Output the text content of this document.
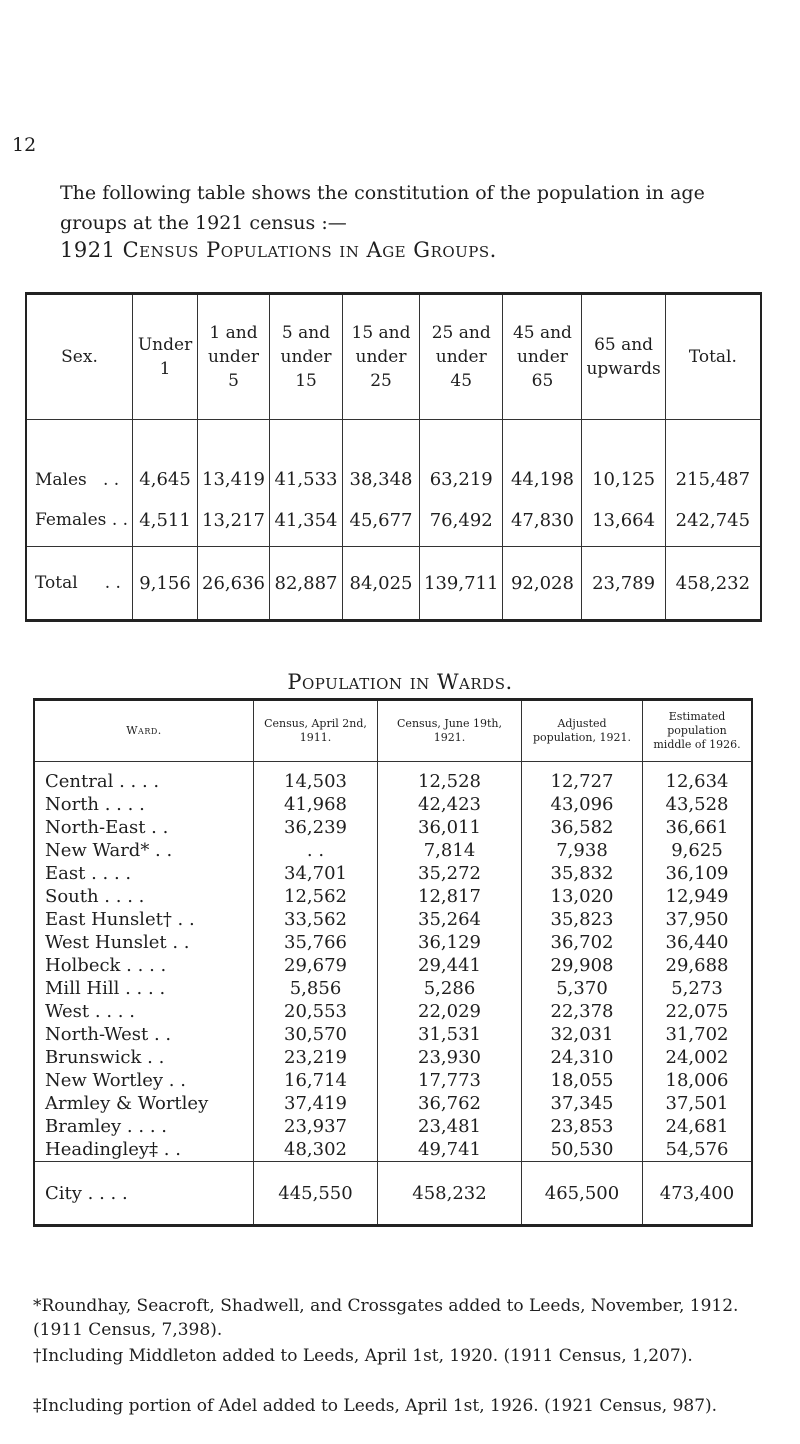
12
The following table shows the constitution of the population in age groups at the 1921 census :—
1921 Census Populations in Age Groups.
Sex.	Under 1	1 and under 5	5 and under 15	15 and under 25	25 and under 45	45 and under 65	65 and upwards	Total.
Males . .	4,645	13,419	41,533	38,348	63,219	44,198	10,125	215,487
Females . .	4,511	13,217	41,354	45,677	76,492	47,830	13,664	242,745
Total . .	9,156	26,636	82,887	84,025	139,711	92,028	23,789	458,232
Population in Wards.
Ward.	Census, April 2nd, 1911.	Census, June 19th, 1921.	Adjusted population, 1921.	Estimated population middle of 1926.

Central . . . .	14,503	12,528	12,727	12,634
North . . . .	41,968	42,423	43,096	43,528
North-East . .	36,239	36,011	36,582	36,661
New Ward* . .	. .	7,814	7,938	9,625
East . . . .	34,701	35,272	35,832	36,109
South . . . .	12,562	12,817	13,020	12,949
East Hunslet† . .	33,562	35,264	35,823	37,950
West Hunslet . .	35,766	36,129	36,702	36,440
Holbeck . . . .	29,679	29,441	29,908	29,688
Mill Hill . . . .	5,856	5,286	5,370	5,273
West . . . .	20,553	22,029	22,378	22,075
North-West . .	30,570	31,531	32,031	31,702
Brunswick . .	23,219	23,930	24,310	24,002
New Wortley . .	16,714	17,773	18,055	18,006
Armley & Wortley	37,419	36,762	37,345	37,501
Bramley . . . .	23,937	23,481	23,853	24,681
Headingley‡ . .	48,302	49,741	50,530	54,576
City . . . .	445,550	458,232	465,500	473,400
*Roundhay, Seacroft, Shadwell, and Crossgates added to Leeds, November, 1912. (1911 Census, 7,398).
†Including Middleton added to Leeds, April 1st, 1920. (1911 Census, 1,207).
‡Including portion of Adel added to Leeds, April 1st, 1926. (1921 Census, 987).
